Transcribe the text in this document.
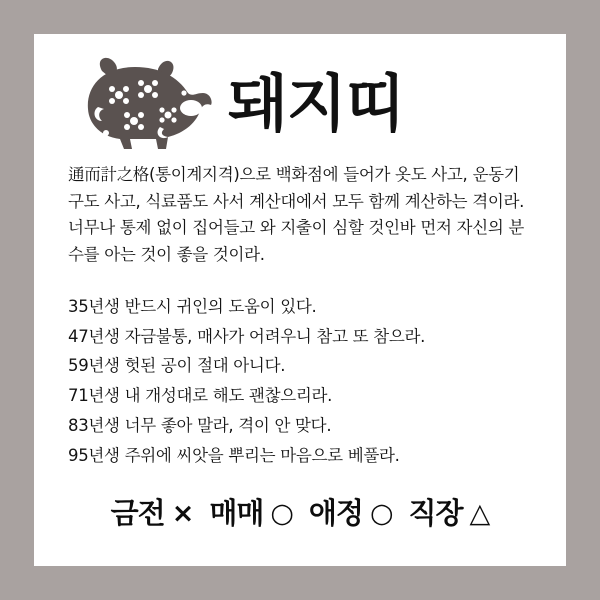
돼지띠

通而計之格(통이계지격)으로 백화점에 들어가 옷도 사고, 운동기구도 사고, 식료품도 사서 계산대에서 모두 함께 계산하는 격이라. 너무나 통제 없이 집어들고 와 지출이 심할 것인바 먼저 자신의 분수를 아는 것이 좋을 것이라.

35년생 반드시 귀인의 도움이 있다.
47년생 자금불통, 매사가 어려우니 참고 또 참으라.
59년생 헛된 공이 절대 아니다.
71년생 내 개성대로 해도 괜찮으리라.
83년생 너무 좋아 말라, 격이 안 맞다.
95년생 주위에 씨앗을 뿌리는 마음으로 베풀라.
금전 × 매매 ○ 애정 ○ 직장 △
